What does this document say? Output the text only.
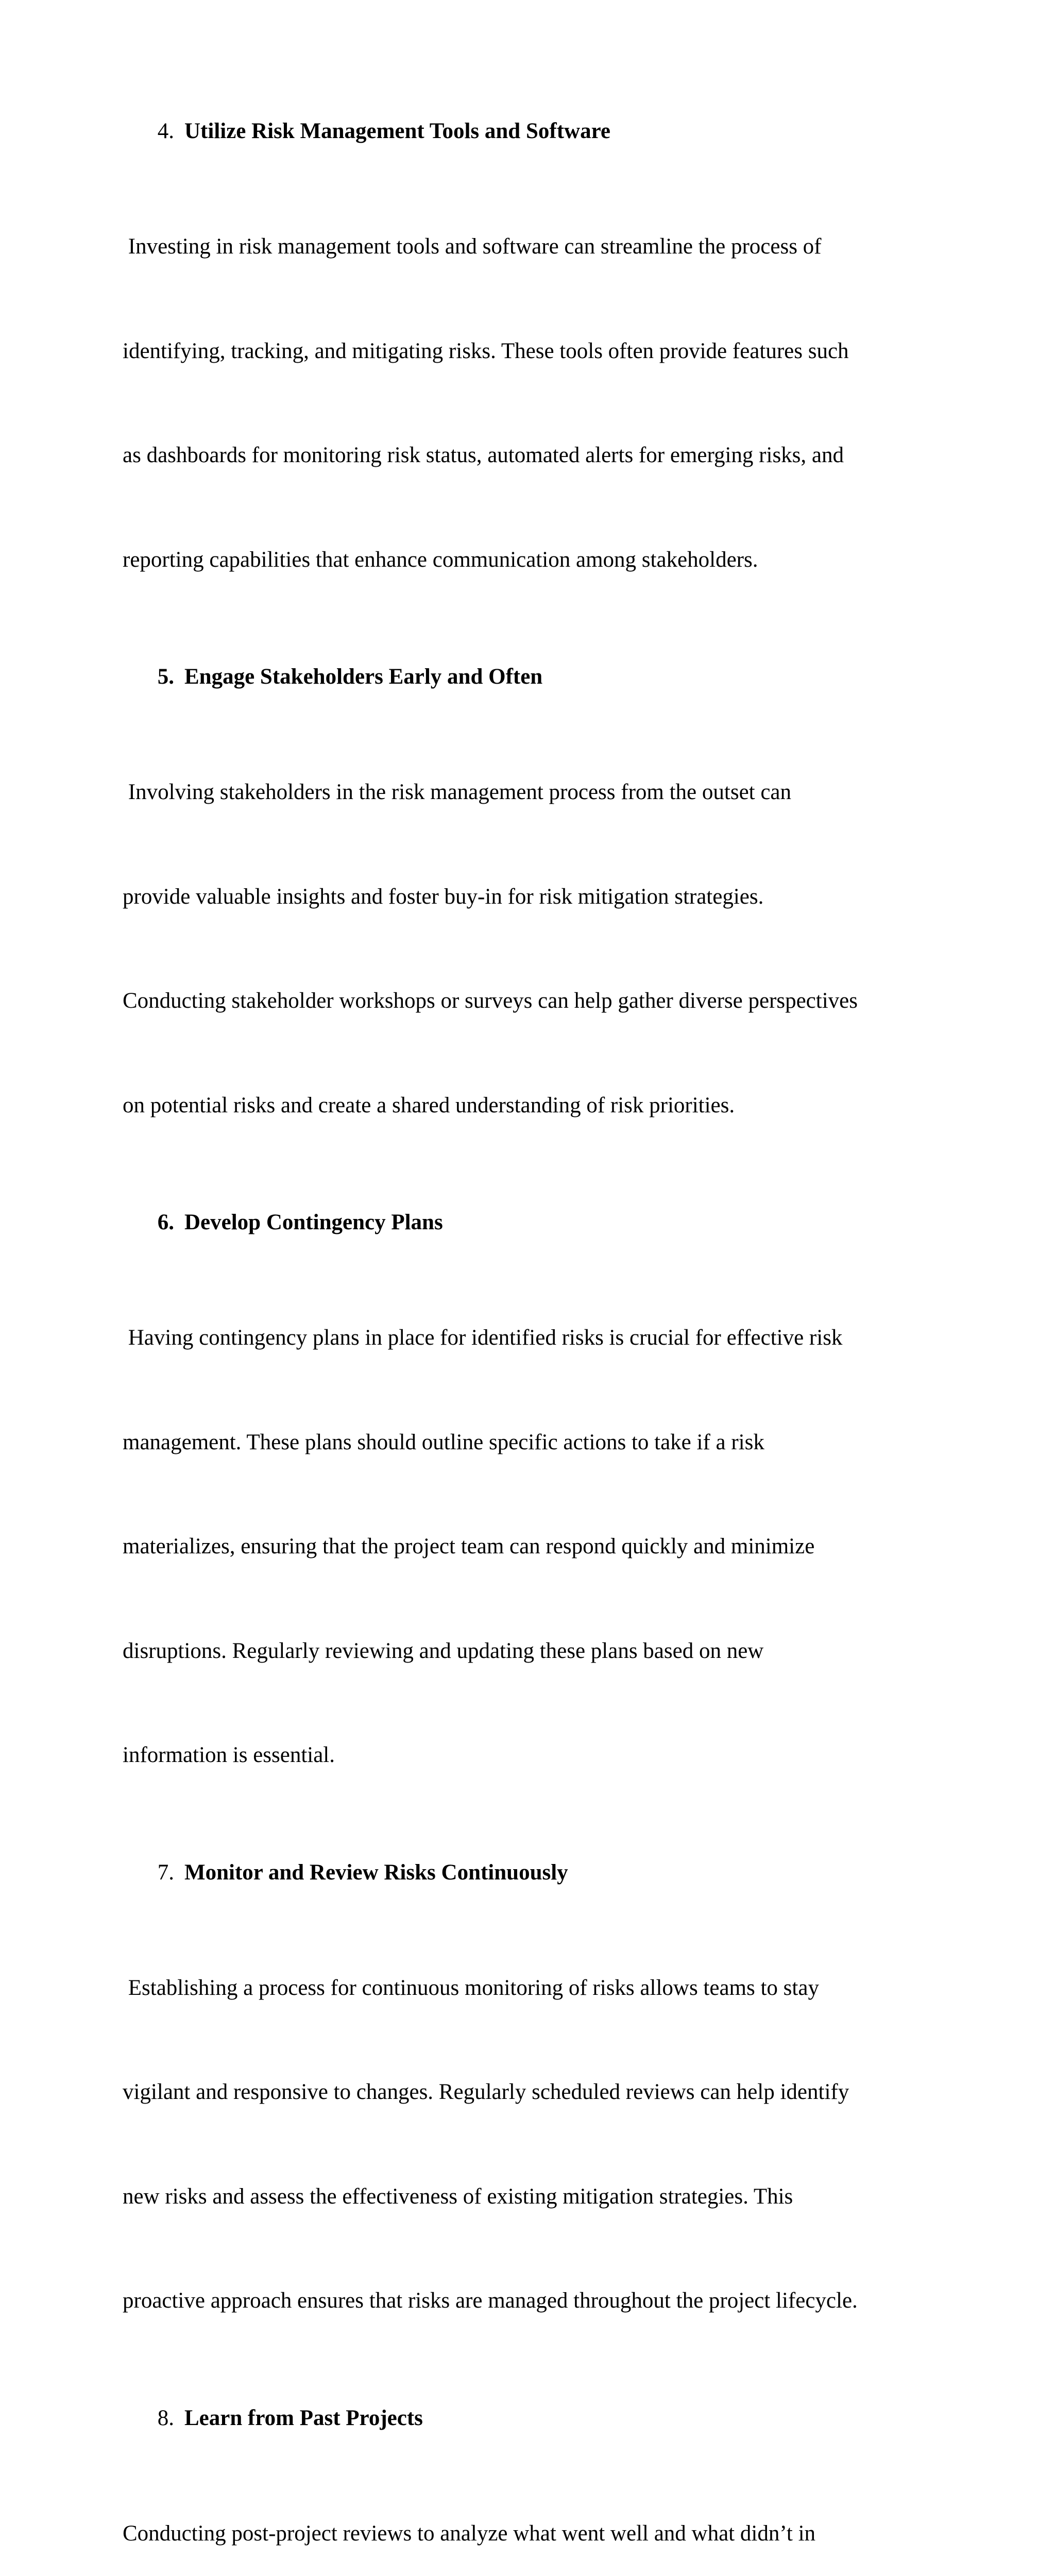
4. Utilize Risk Management Tools and Software

Investing in risk management tools and software can streamline the process of

identifying, tracking, and mitigating risks. These tools often provide features such

as dashboards for monitoring risk status, automated alerts for emerging risks, and

reporting capabilities that enhance communication among stakeholders.

5. Engage Stakeholders Early and Often

Involving stakeholders in the risk management process from the outset can

provide valuable insights and foster buy-in for risk mitigation strategies.

Conducting stakeholder workshops or surveys can help gather diverse perspectives

on potential risks and create a shared understanding of risk priorities.

6. Develop Contingency Plans

Having contingency plans in place for identified risks is crucial for effective risk

management. These plans should outline specific actions to take if a risk

materializes, ensuring that the project team can respond quickly and minimize

disruptions. Regularly reviewing and updating these plans based on new

information is essential.

7. Monitor and Review Risks Continuously

Establishing a process for continuous monitoring of risks allows teams to stay

vigilant and responsive to changes. Regularly scheduled reviews can help identify

new risks and assess the effectiveness of existing mitigation strategies. This

proactive approach ensures that risks are managed throughout the project lifecycle.

8. Learn from Past Projects

Conducting post-project reviews to analyze what went well and what didn’t in
